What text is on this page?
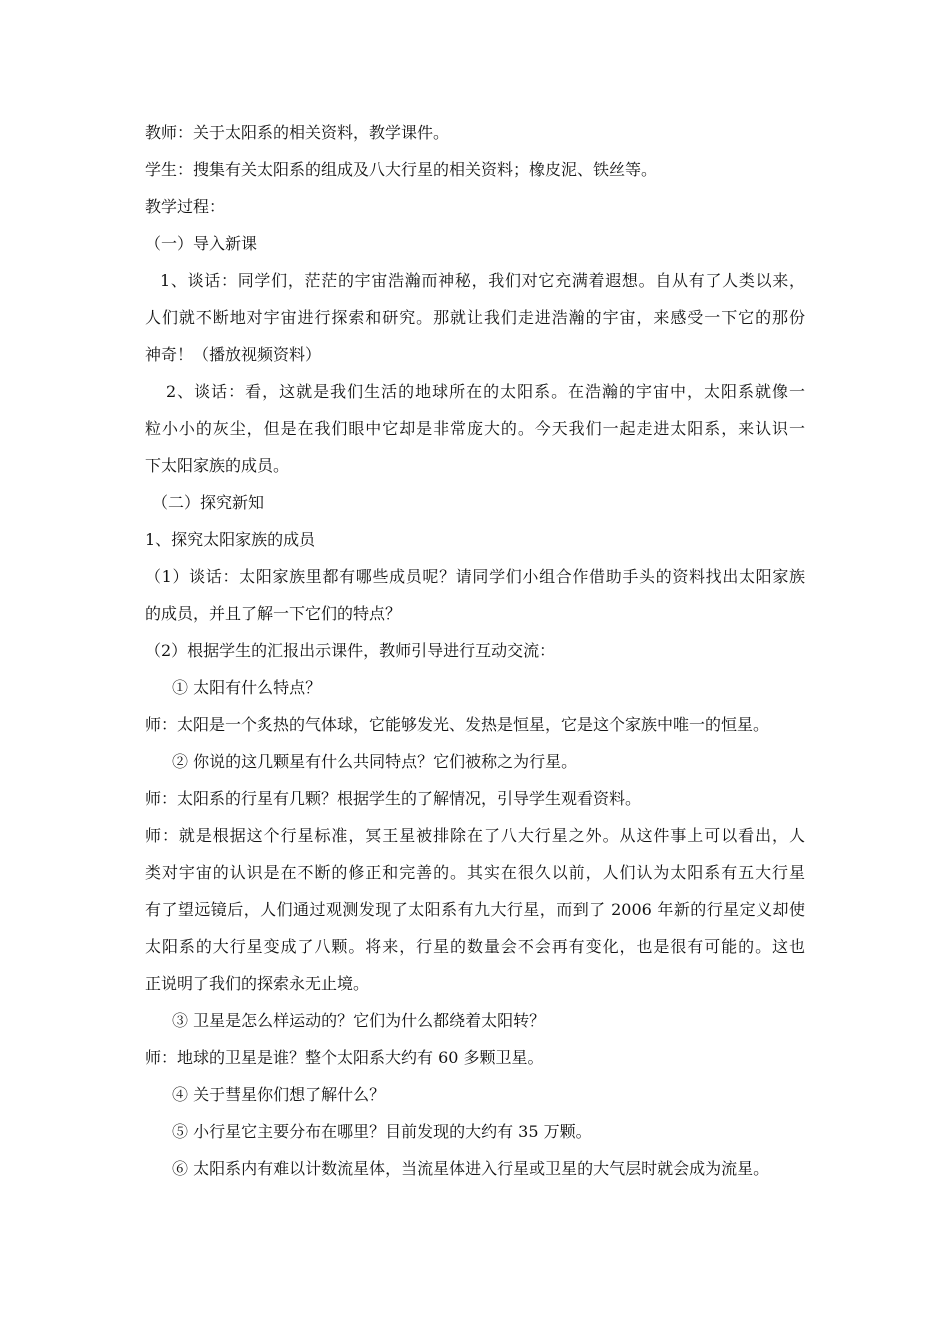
教师：关于太阳系的相关资料，教学课件。
学生：搜集有关太阳系的组成及八大行星的相关资料；橡皮泥、铁丝等。
教学过程：
（一）导入新课
1、谈话：同学们，茫茫的宇宙浩瀚而神秘，我们对它充满着遐想。自从有了人类以来，
人们就不断地对宇宙进行探索和研究。那就让我们走进浩瀚的宇宙，来感受一下它的那份
神奇！（播放视频资料）
2、谈话：看，这就是我们生活的地球所在的太阳系。在浩瀚的宇宙中，太阳系就像一
粒小小的灰尘，但是在我们眼中它却是非常庞大的。今天我们一起走进太阳系，来认识一
下太阳家族的成员。
（二）探究新知
1、探究太阳家族的成员
（1）谈话：太阳家族里都有哪些成员呢？请同学们小组合作借助手头的资料找出太阳家族
的成员，并且了解一下它们的特点？
（2）根据学生的汇报出示课件，教师引导进行互动交流：
① 太阳有什么特点？
师：太阳是一个炙热的气体球，它能够发光、发热是恒星，它是这个家族中唯一的恒星。
② 你说的这几颗星有什么共同特点？它们被称之为行星。
师：太阳系的行星有几颗？根据学生的了解情况，引导学生观看资料。
师：就是根据这个行星标准，冥王星被排除在了八大行星之外。从这件事上可以看出，人
类对宇宙的认识是在不断的修正和完善的。其实在很久以前，人们认为太阳系有五大行星
有了望远镜后，人们通过观测发现了太阳系有九大行星，而到了 2006 年新的行星定义却使
太阳系的大行星变成了八颗。将来，行星的数量会不会再有变化，也是很有可能的。这也
正说明了我们的探索永无止境。
③ 卫星是怎么样运动的？它们为什么都绕着太阳转？
师：地球的卫星是谁？整个太阳系大约有 60 多颗卫星。
④ 关于彗星你们想了解什么？
⑤ 小行星它主要分布在哪里？目前发现的大约有 35 万颗。
⑥ 太阳系内有难以计数流星体，当流星体进入行星或卫星的大气层时就会成为流星。
